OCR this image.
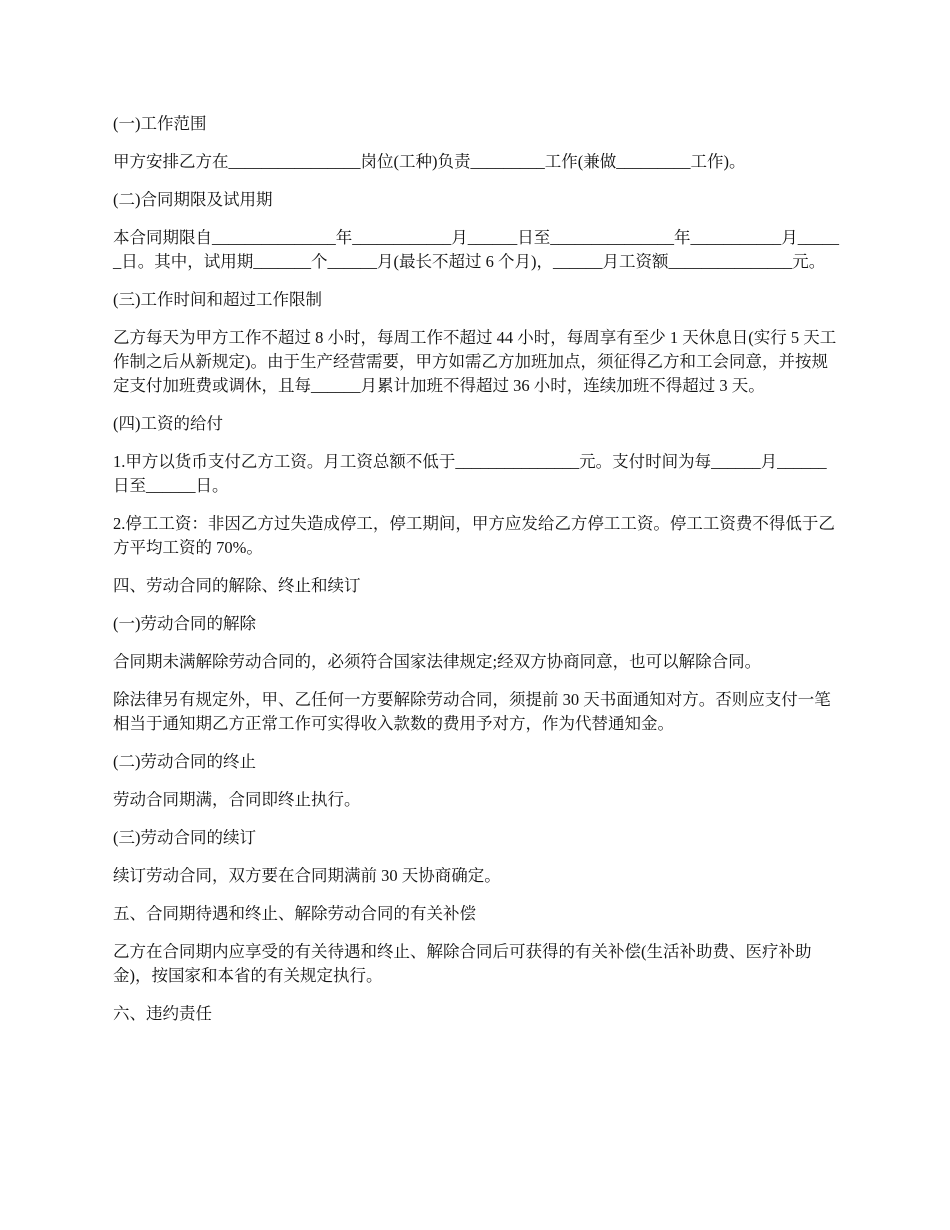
(一)工作范围

甲方安排乙方在________________岗位(工种)负责_________工作(兼做_________工作)。

(二)合同期限及试用期

本合同期限自_______________年____________月______日至_______________年___________月______日。其中，试用期_______个______月(最长不超过 6 个月)，______月工资额_______________元。

(三)工作时间和超过工作限制

乙方每天为甲方工作不超过 8 小时，每周工作不超过 44 小时，每周享有至少 1 天休息日(实行 5 天工作制之后从新规定)。由于生产经营需要，甲方如需乙方加班加点，须征得乙方和工会同意，并按规定支付加班费或调休，且每______月累计加班不得超过 36 小时，连续加班不得超过 3 天。

(四)工资的给付

1.甲方以货币支付乙方工资。月工资总额不低于_______________元。支付时间为每______月______日至______日。

2.停工工资：非因乙方过失造成停工，停工期间，甲方应发给乙方停工工资。停工工资费不得低于乙方平均工资的 70%。

四、劳动合同的解除、终止和续订

(一)劳动合同的解除

合同期未满解除劳动合同的，必须符合国家法律规定;经双方协商同意，也可以解除合同。

除法律另有规定外，甲、乙任何一方要解除劳动合同，须提前 30 天书面通知对方。否则应支付一笔相当于通知期乙方正常工作可实得收入款数的费用予对方，作为代替通知金。

(二)劳动合同的终止

劳动合同期满，合同即终止执行。

(三)劳动合同的续订

续订劳动合同，双方要在合同期满前 30 天协商确定。

五、合同期待遇和终止、解除劳动合同的有关补偿

乙方在合同期内应享受的有关待遇和终止、解除合同后可获得的有关补偿(生活补助费、医疗补助金)，按国家和本省的有关规定执行。

六、违约责任
